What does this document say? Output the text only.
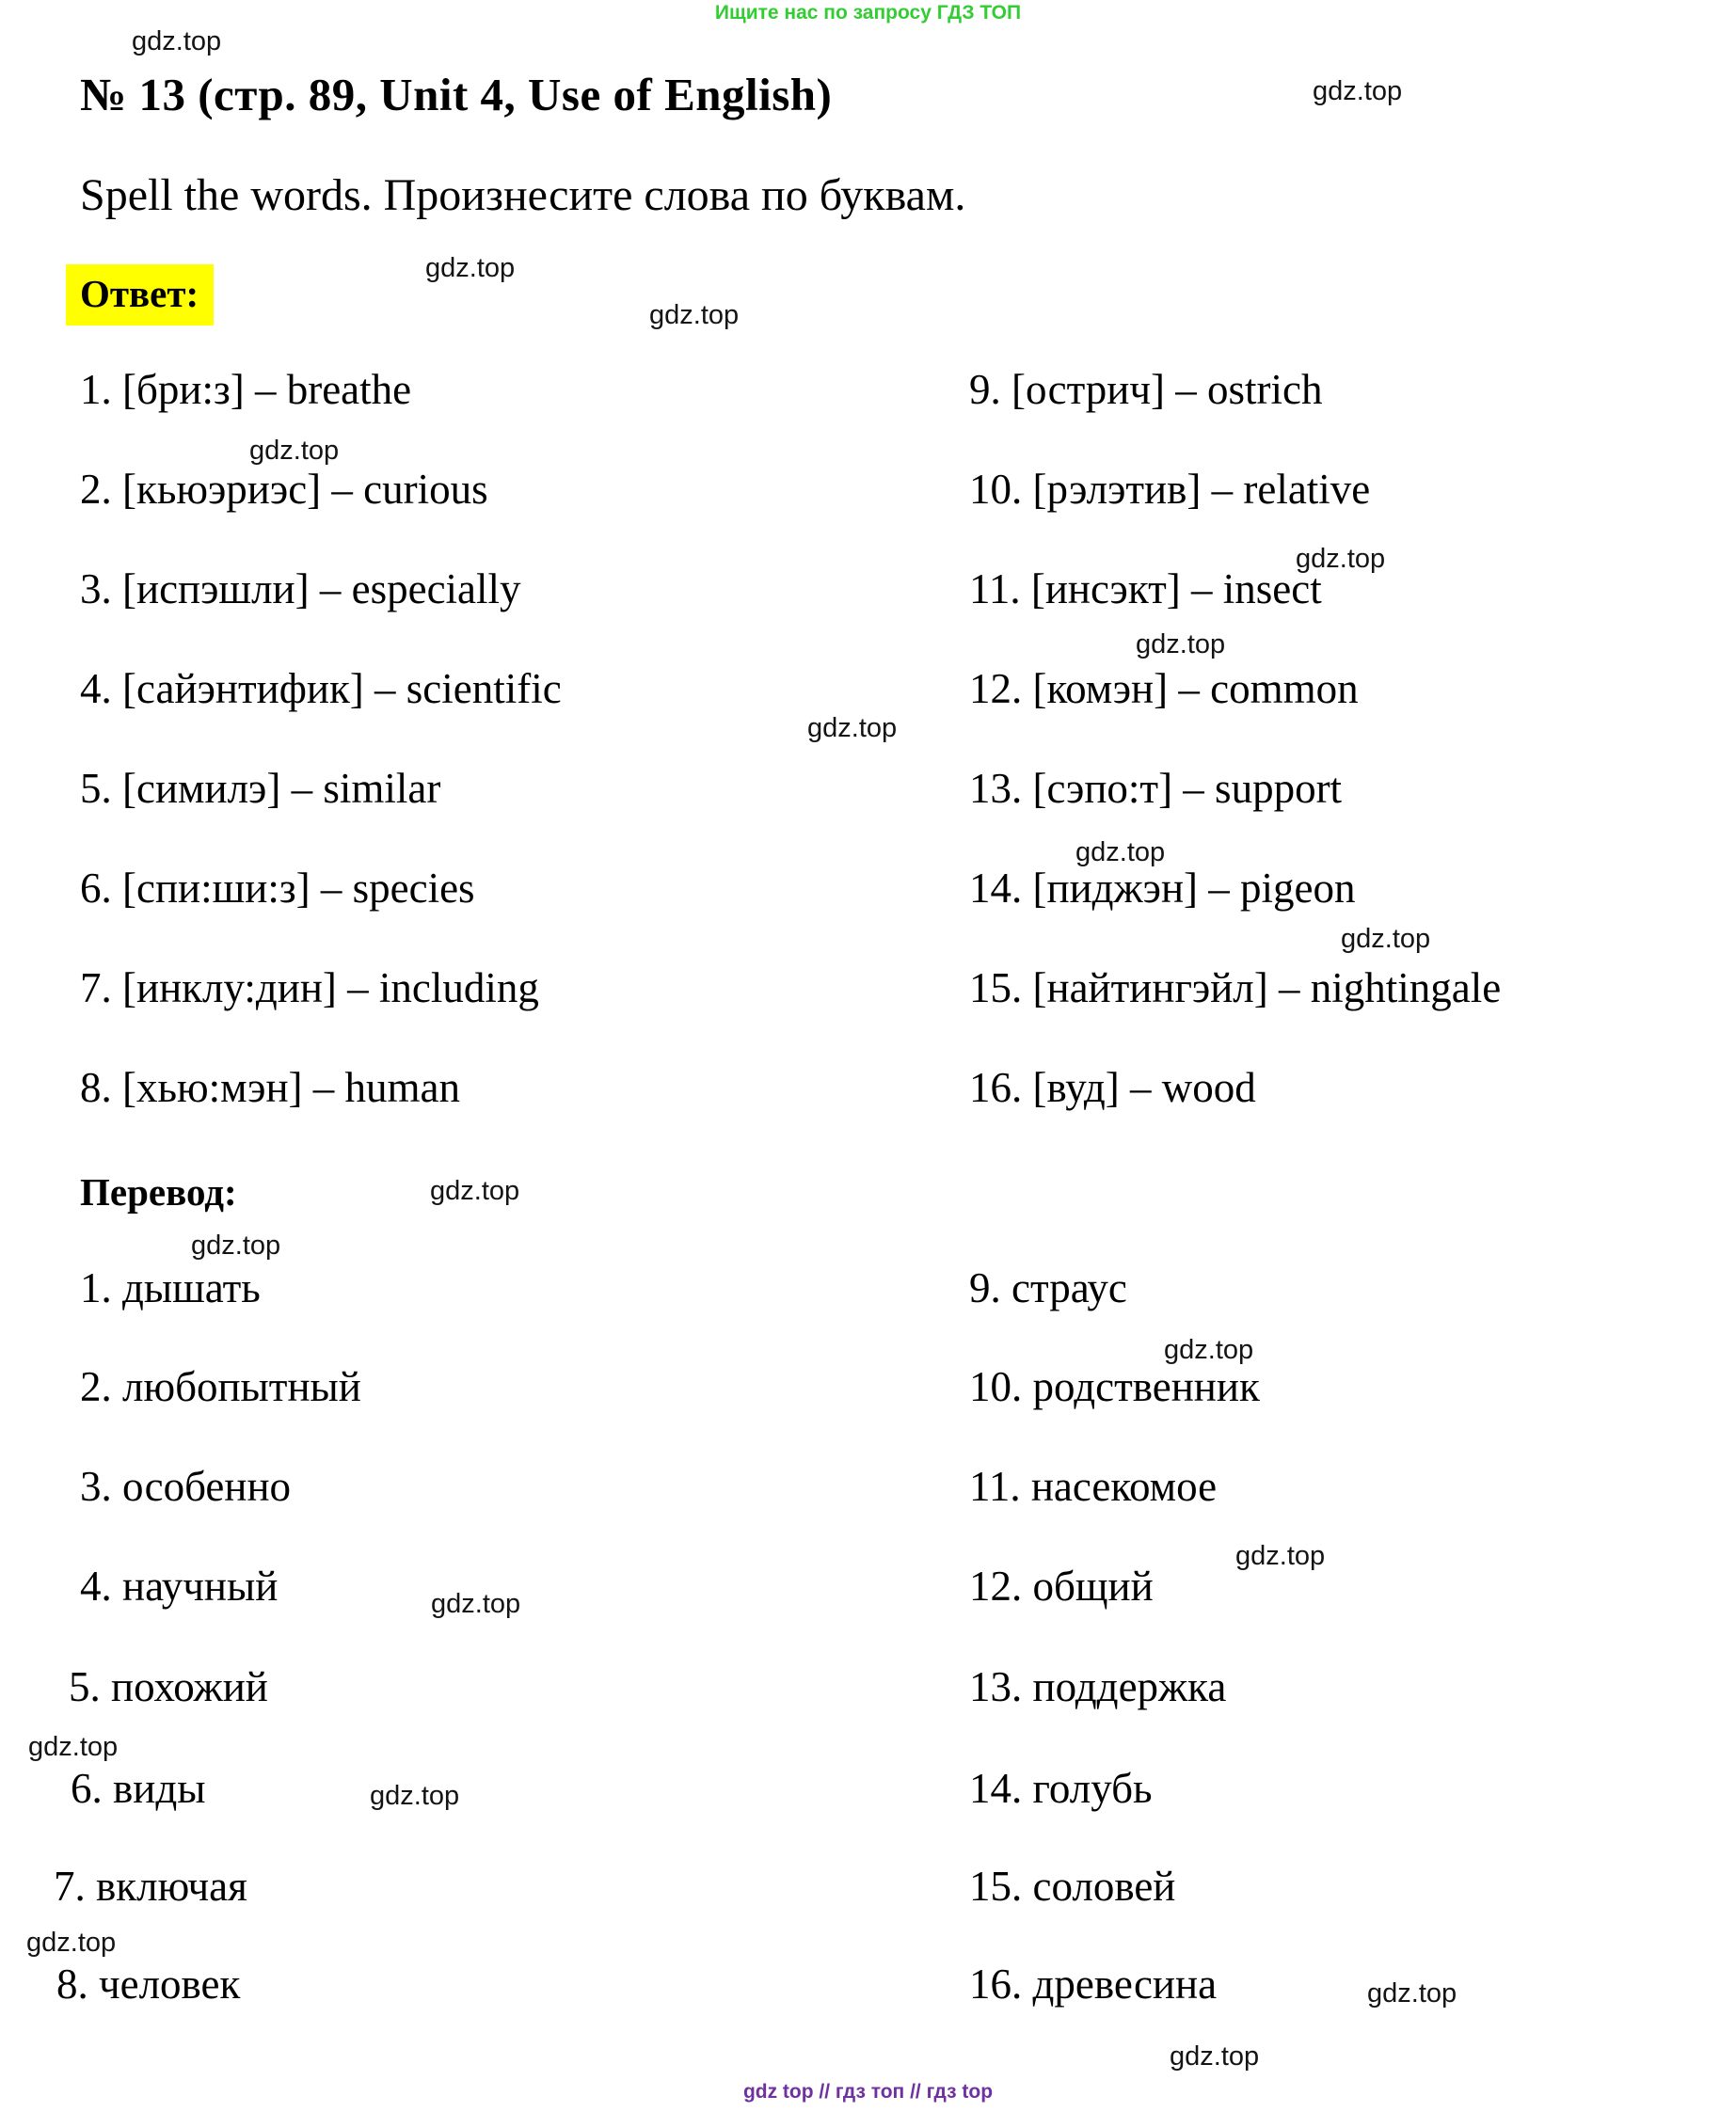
Ищите нас по запросу ГДЗ ТОП
№ 13 (стр. 89, Unit 4, Use of English)
Spell the words. Произнесите слова по буквам.
Ответ:
1. [бри:з] – breathe
2. [кьюэриэс] – curious
3. [испэшли] – especially
4. [сайэнтифик] – scientific
5. [симилэ] – similar
6. [спи:ши:з] – species
7. [инклу:дин] – including
8. [хью:мэн] – human
9. [острич] – ostrich
10. [рэлэтив] – relative
11. [инсэкт] – insect
12. [комэн] – common
13. [сэпо:т] – support
14. [пиджэн] – pigeon
15. [найтингэйл] – nightingale
16. [вуд] – wood
Перевод:
1. дышать
2. любопытный
3. особенно
4. научный
5. похожий
6. виды
7. включая
8. человек
9. страус
10. родственник
11. насекомое
12. общий
13. поддержка
14. голубь
15. соловей
16. древесина
gdz.top
gdz.top
gdz.top
gdz.top
gdz.top
gdz.top
gdz.top
gdz.top
gdz.top
gdz.top
gdz.top
gdz.top
gdz.top
gdz.top
gdz.top
gdz.top
gdz.top
gdz.top
gdz.top
gdz.top
gdz top // гдз топ // гдз top
